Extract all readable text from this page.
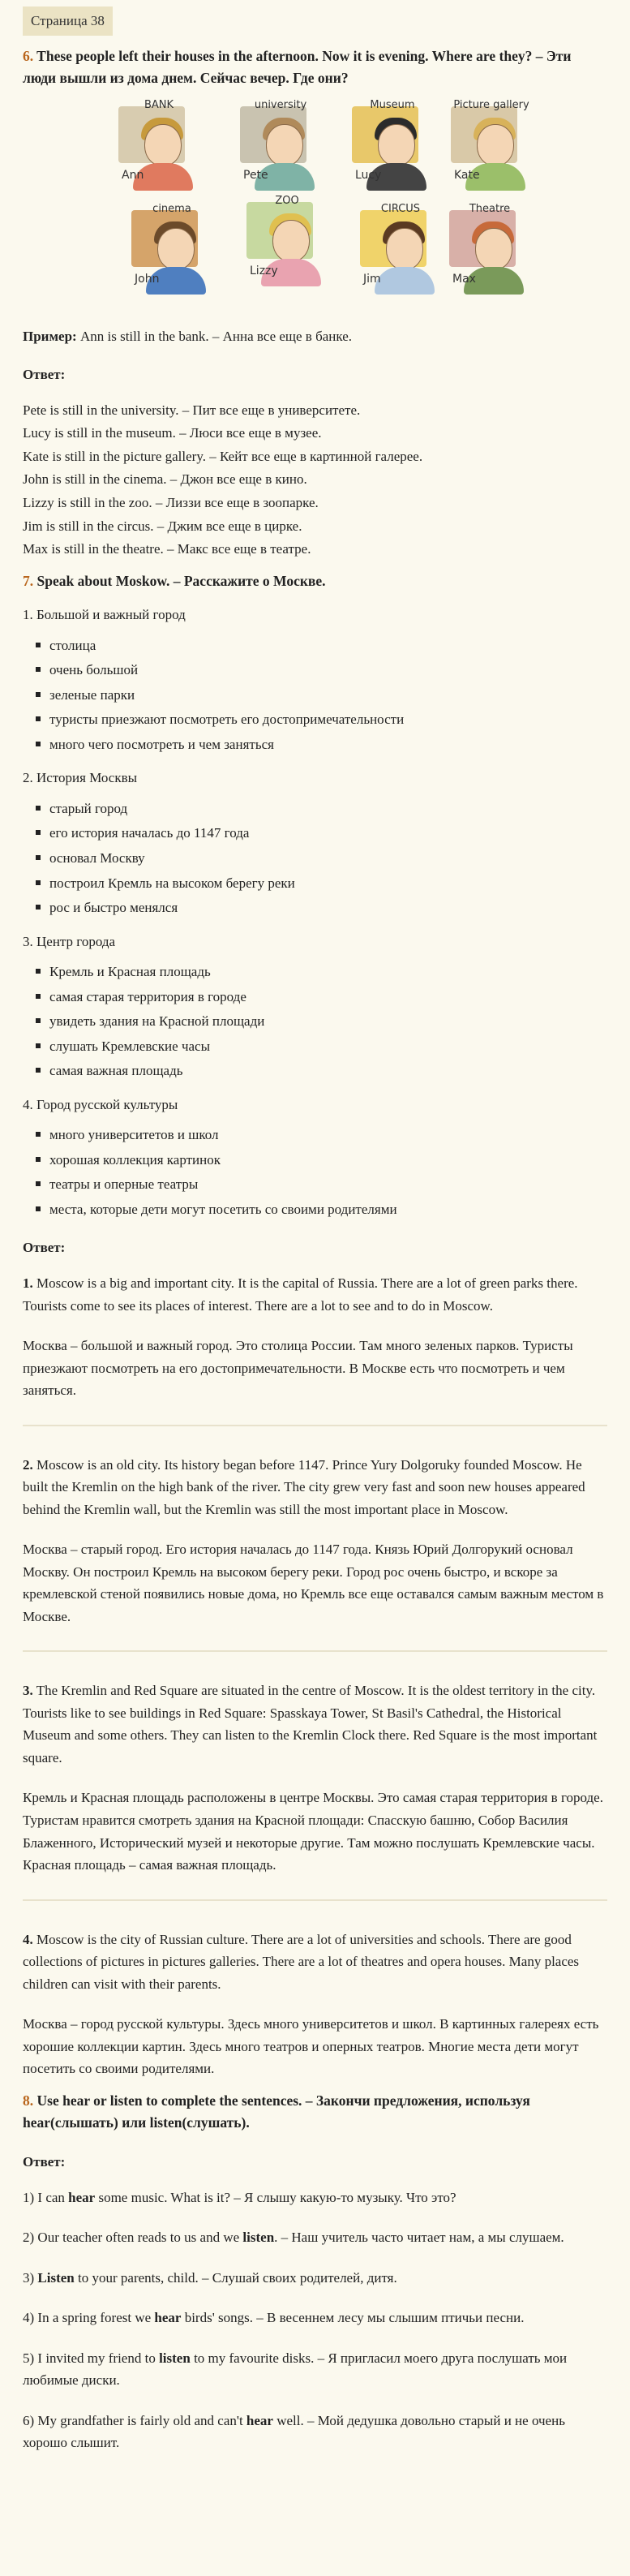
Страница 38
6. These people left their houses in the afternoon. Now it is evening. Where are they? – Эти люди вышли из дома днем. Сейчас вечер. Где они?
BANK
Ann
university
Pete
Museum
Lucy
Picture gallery
Kate
cinema
John
ZOO
Lizzy
CIRCUS
Jim
Theatre
Max

Пример: Ann is still in the bank. – Анна все еще в банке.

Ответ:

Pete is still in the university. – Пит все еще в университете.

Lucy is still in the museum. – Люси все еще в музее.

Kate is still in the picture gallery. – Кейт все еще в картинной галерее.

John is still in the cinema. – Джон все еще в кино.

Lizzy is still in the zoo. – Лиззи все еще в зоопарке.

Jim is still in the circus. – Джим все еще в цирке.

Max is still in the theatre. – Макс все еще в театре.

7. Speak about Moskow. – Расскажите о Москве.

1. Большой и важный город

столица
очень большой
зеленые парки
туристы приезжают посмотреть его достопримечательности
много чего посмотреть и чем заняться

2. История Москвы

старый город
его история началась до 1147 года
основал Москву
построил Кремль на высоком берегу реки
рос и быстро менялся

3. Центр города

Кремль и Красная площадь
самая старая территория в городе
увидеть здания на Красной площади
слушать Кремлевские часы
самая важная площадь

4. Город русской культуры

много университетов и школ
хорошая коллекция картинок
театры и оперные театры
места, которые дети могут посетить со своими родителями

Ответ:

1. Moscow is a big and important city. It is the capital of Russia. There are a lot of green parks there. Tourists come to see its places of interest. There are a lot to see and to do in Moscow.

Москва – большой и важный город. Это столица России. Там много зеленых парков. Туристы приезжают посмотреть на его достопримечательности. В Москве есть что посмотреть и чем заняться.

2. Moscow is an old city. Its history began before 1147. Prince Yury Dolgoruky founded Moscow. He built the Kremlin on the high bank of the river. The city grew very fast and soon new houses appeared behind the Kremlin wall, but the Kremlin was still the most important place in Moscow.

Москва – старый город. Его история началась до 1147 года. Князь Юрий Долгорукий основал Москву. Он построил Кремль на высоком берегу реки. Город рос очень быстро, и вскоре за кремлевской стеной появились новые дома, но Кремль все еще оставался самым важным местом в Москве.

3. The Kremlin and Red Square are situated in the centre of Moscow. It is the oldest territory in the city. Tourists like to see buildings in Red Square: Spasskaya Tower, St Basil's Cathedral, the Historical Museum and some others. They can listen to the Kremlin Clock there. Red Square is the most important square.

Кремль и Красная площадь расположены в центре Москвы. Это самая старая территория в городе. Туристам нравится смотреть здания на Красной площади: Спасскую башню, Собор Василия Блаженного, Исторический музей и некоторые другие. Там можно послушать Кремлевские часы. Красная площадь – самая важная площадь.

4. Moscow is the city of Russian culture. There are a lot of universities and schools. There are good collections of pictures in pictures galleries. There are a lot of theatres and opera houses. Many places children can visit with their parents.

Москва – город русской культуры. Здесь много университетов и школ. В картинных галереях есть хорошие коллекции картин. Здесь много театров и оперных театров. Многие места дети могут посетить со своими родителями.

8. Use hear or listen to complete the sentences. – Закончи предложения, используя hear(слышать) или listen(слушать).

Ответ:

1) I can hear some music. What is it? – Я слышу какую-то музыку. Что это?

2) Our teacher often reads to us and we listen. – Наш учитель часто читает нам, а мы слушаем.

3) Listen to your parents, child. – Слушай своих родителей, дитя.

4) In a spring forest we hear birds' songs. – В весеннем лесу мы слышим птичьи песни.

5) I invited my friend to listen to my favourite disks. – Я пригласил моего друга послушать мои любимые диски.

6) My grandfather is fairly old and can't hear well. – Мой дедушка довольно старый и не очень хорошо слышит.
